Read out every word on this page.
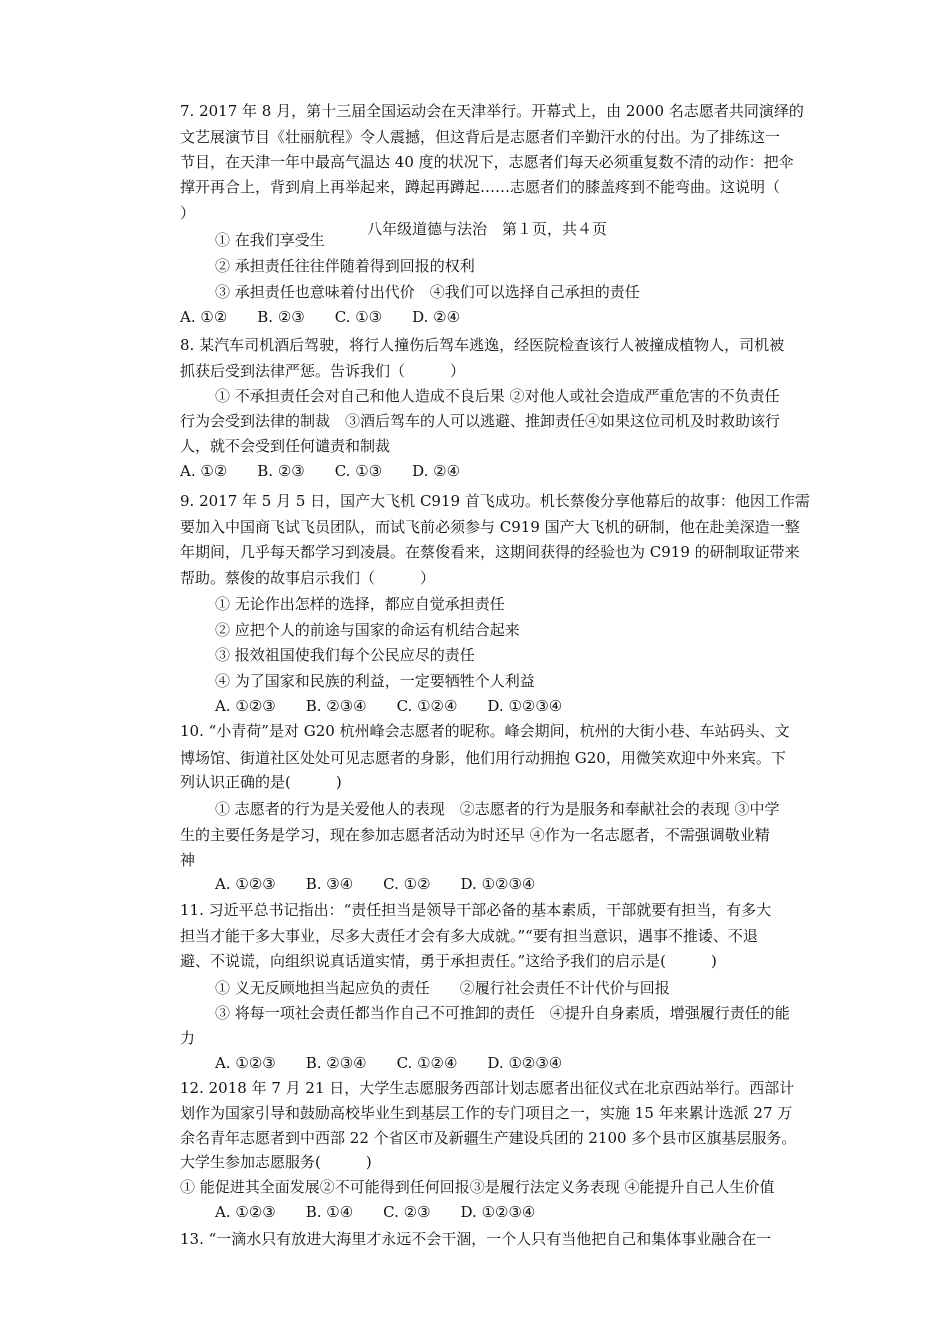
7. 2017 年 8 月，第十三届全国运动会在天津举行。开幕式上，由 2000 名志愿者共同演绎的
文艺展演节目《壮丽航程》令人震撼，但这背后是志愿者们辛勤汗水的付出。为了排练这一
节目，在天津一年中最高气温达 40 度的状况下，志愿者们每天必须重复数不清的动作：把伞
撑开再合上，背到肩上再举起来，蹲起再蹲起……志愿者们的膝盖疼到不能弯曲。这说明（
）
① 在我们享受生
② 承担责任往往伴随着得到回报的权利
③ 承担责任也意味着付出代价　④我们可以选择自己承担的责任
A. ①②　　B. ②③　　C. ①③　　D. ②④
八年级道德与法治　第１页，共４页
8. 某汽车司机酒后驾驶，将行人撞伤后驾车逃逸，经医院检查该行人被撞成植物人，司机被
抓获后受到法律严惩。告诉我们（　　　）
① 不承担责任会对自己和他人造成不良后果 ②对他人或社会造成严重危害的不负责任
行为会受到法律的制裁　③酒后驾车的人可以逃避、推卸责任④如果这位司机及时救助该行
人，就不会受到任何谴责和制裁
A. ①②　　B. ②③　　C. ①③　　D. ②④
9. 2017 年 5 月 5 日，国产大飞机 C919 首飞成功。机长蔡俊分享他幕后的故事：他因工作需
要加入中国商飞试飞员团队，而试飞前必须参与 C919 国产大飞机的研制，他在赴美深造一整
年期间，几乎每天都学习到凌晨。在蔡俊看来，这期间获得的经验也为 C919 的研制取证带来
帮助。蔡俊的故事启示我们（　　　）
① 无论作出怎样的选择，都应自觉承担责任
② 应把个人的前途与国家的命运有机结合起来
③ 报效祖国使我们每个公民应尽的责任
④ 为了国家和民族的利益，一定要牺牲个人利益
A. ①②③　　B. ②③④　　C. ①②④　　D. ①②③④
10. “小青荷”是对 G20 杭州峰会志愿者的昵称。峰会期间，杭州的大街小巷、车站码头、文
博场馆、街道社区处处可见志愿者的身影，他们用行动拥抱 G20，用微笑欢迎中外来宾。下
列认识正确的是(　　　)
① 志愿者的行为是关爱他人的表现　②志愿者的行为是服务和奉献社会的表现 ③中学
生的主要任务是学习，现在参加志愿者活动为时还早 ④作为一名志愿者，不需强调敬业精
神
A. ①②③　　B. ③④　　C. ①②　　D. ①②③④
11. 习近平总书记指出：“责任担当是领导干部必备的基本素质，干部就要有担当，有多大
担当才能干多大事业，尽多大责任才会有多大成就。”“要有担当意识，遇事不推诿、不退
避、不说谎，向组织说真话道实情，勇于承担责任。”这给予我们的启示是(　　　)
① 义无反顾地担当起应负的责任　　②履行社会责任不计代价与回报
③ 将每一项社会责任都当作自己不可推卸的责任　④提升自身素质，增强履行责任的能
力
A. ①②③　　B. ②③④　　C. ①②④　　D. ①②③④
12. 2018 年 7 月 21 日，大学生志愿服务西部计划志愿者出征仪式在北京西站举行。西部计
划作为国家引导和鼓励高校毕业生到基层工作的专门项目之一，实施 15 年来累计选派 27 万
余名青年志愿者到中西部 22 个省区市及新疆生产建设兵团的 2100 多个县市区旗基层服务。
大学生参加志愿服务(　　　)
① 能促进其全面发展②不可能得到任何回报③是履行法定义务表现 ④能提升自己人生价值
A. ①②③　　B. ①④　　C. ②③　　D. ①②③④
13. “一滴水只有放进大海里才永远不会干涸，一个人只有当他把自己和集体事业融合在一
